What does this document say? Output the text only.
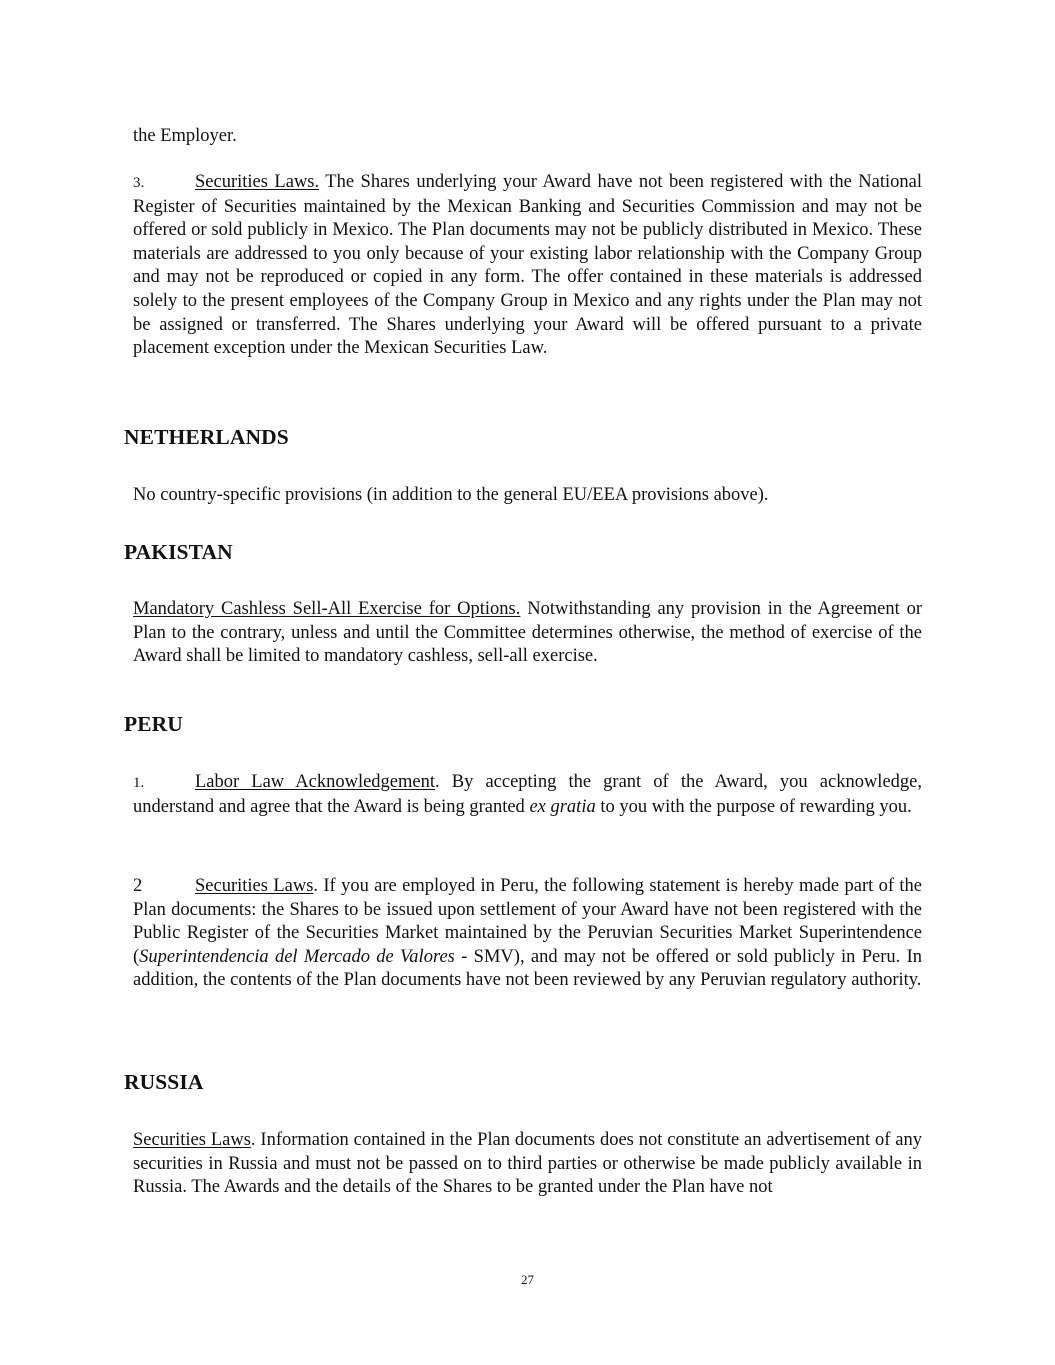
the Employer.
3.	Securities Laws. The Shares underlying your Award have not been registered with the National Register of Securities maintained by the Mexican Banking and Securities Commission and may not be offered or sold publicly in Mexico. The Plan documents may not be publicly distributed in Mexico. These materials are addressed to you only because of your existing labor relationship with the Company Group and may not be reproduced or copied in any form. The offer contained in these materials is addressed solely to the present employees of the Company Group in Mexico and any rights under the Plan may not be assigned or transferred. The Shares underlying your Award will be offered pursuant to a private placement exception under the Mexican Securities Law.
NETHERLANDS
No country-specific provisions (in addition to the general EU/EEA provisions above).
PAKISTAN
Mandatory Cashless Sell-All Exercise for Options. Notwithstanding any provision in the Agreement or Plan to the contrary, unless and until the Committee determines otherwise, the method of exercise of the Award shall be limited to mandatory cashless, sell-all exercise.
PERU
1.	Labor Law Acknowledgement. By accepting the grant of the Award, you acknowledge, understand and agree that the Award is being granted ex gratia to you with the purpose of rewarding you.
2	Securities Laws. If you are employed in Peru, the following statement is hereby made part of the Plan documents: the Shares to be issued upon settlement of your Award have not been registered with the Public Register of the Securities Market maintained by the Peruvian Securities Market Superintendence (Superintendencia del Mercado de Valores - SMV), and may not be offered or sold publicly in Peru. In addition, the contents of the Plan documents have not been reviewed by any Peruvian regulatory authority.
RUSSIA
Securities Laws. Information contained in the Plan documents does not constitute an advertisement of any securities in Russia and must not be passed on to third parties or otherwise be made publicly available in Russia. The Awards and the details of the Shares to be granted under the Plan have not
27
